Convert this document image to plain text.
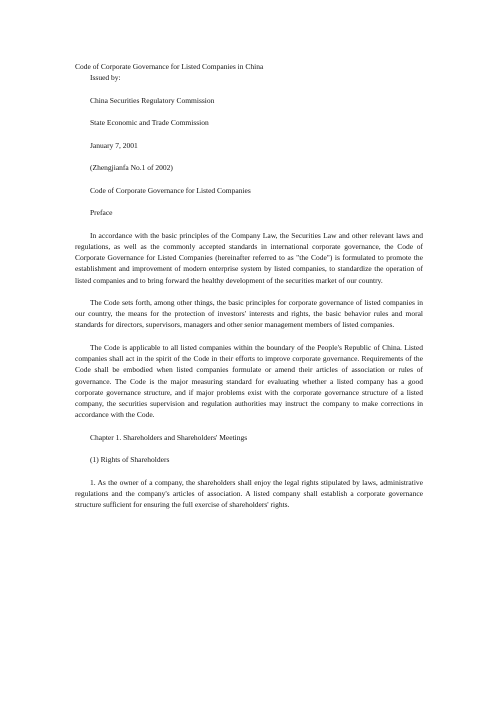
Code of Corporate Governance for Listed Companies in China

Issued by:

China Securities Regulatory Commission

State Economic and Trade Commission

January 7, 2001

(Zhengjianfa No.1 of 2002)

Code of Corporate Governance for Listed Companies

Preface

In accordance with the basic principles of the Company Law, the Securities Law and other relevant laws and regulations, as well as the commonly accepted standards in international corporate governance, the Code of Corporate Governance for Listed Companies (hereinafter referred to as "the Code") is formulated to promote the establishment and improvement of modern enterprise system by listed companies, to standardize the operation of listed companies and to bring forward the healthy development of the securities market of our country.

The Code sets forth, among other things, the basic principles for corporate governance of listed companies in our country, the means for the protection of investors' interests and rights, the basic behavior rules and moral standards for directors, supervisors, managers and other senior management members of listed companies.

The Code is applicable to all listed companies within the boundary of the People's Republic of China. Listed companies shall act in the spirit of the Code in their efforts to improve corporate governance. Requirements of the Code shall be embodied when listed companies formulate or amend their articles of association or rules of governance. The Code is the major measuring standard for evaluating whether a listed company has a good corporate governance structure, and if major problems exist with the corporate governance structure of a listed company, the securities supervision and regulation authorities may instruct the company to make corrections in accordance with the Code.

Chapter 1. Shareholders and Shareholders' Meetings

(1) Rights of Shareholders

1. As the owner of a company, the shareholders shall enjoy the legal rights stipulated by laws, administrative regulations and the company's articles of association. A listed company shall establish a corporate governance structure sufficient for ensuring the full exercise of shareholders' rights.
